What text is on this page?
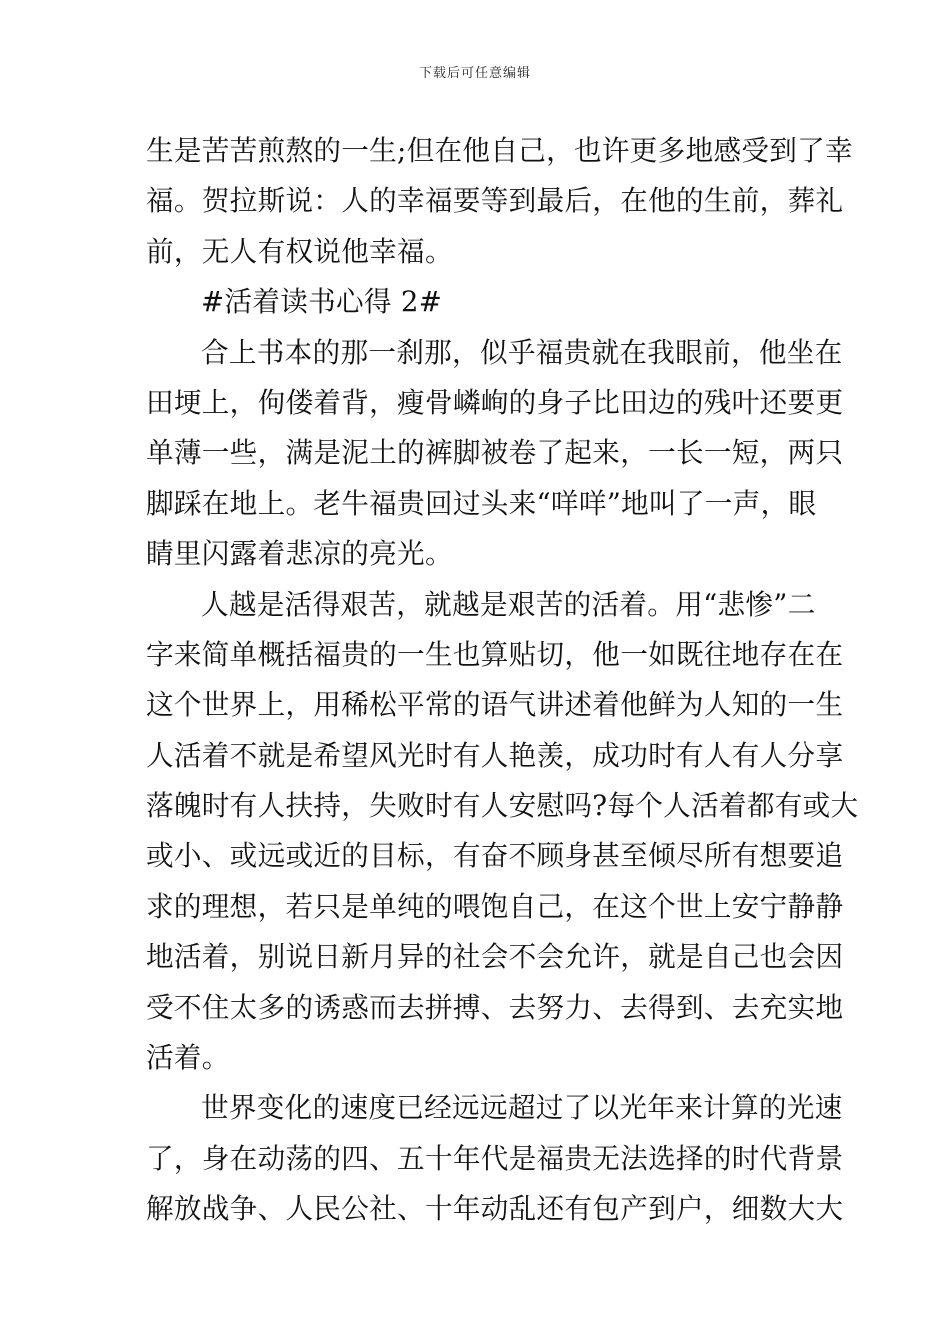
下载后可任意编辑
生是苦苦煎熬的一生;但在他自己，也许更多地感受到了幸
福。贺拉斯说：人的幸福要等到最后，在他的生前，葬礼
前，无人有权说他幸福。
#活着读书心得 2#
合上书本的那一刹那，似乎福贵就在我眼前，他坐在
田埂上，佝偻着背，瘦骨嶙峋的身子比田边的残叶还要更
单薄一些，满是泥土的裤脚被卷了起来，一长一短，两只
脚踩在地上。老牛福贵回过头来“咩咩”地叫了一声，眼
睛里闪露着悲凉的亮光。
人越是活得艰苦，就越是艰苦的活着。用“悲惨”二
字来简单概括福贵的一生也算贴切，他一如既往地存在在
这个世界上，用稀松平常的语气讲述着他鲜为人知的一生
人活着不就是希望风光时有人艳羡，成功时有人有人分享
落魄时有人扶持，失败时有人安慰吗?每个人活着都有或大
或小、或远或近的目标，有奋不顾身甚至倾尽所有想要追
求的理想，若只是单纯的喂饱自己，在这个世上安宁静静
地活着，别说日新月异的社会不会允许，就是自己也会因
受不住太多的诱惑而去拼搏、去努力、去得到、去充实地
活着。
世界变化的速度已经远远超过了以光年来计算的光速
了，身在动荡的四、五十年代是福贵无法选择的时代背景
解放战争、人民公社、十年动乱还有包产到户，细数大大
